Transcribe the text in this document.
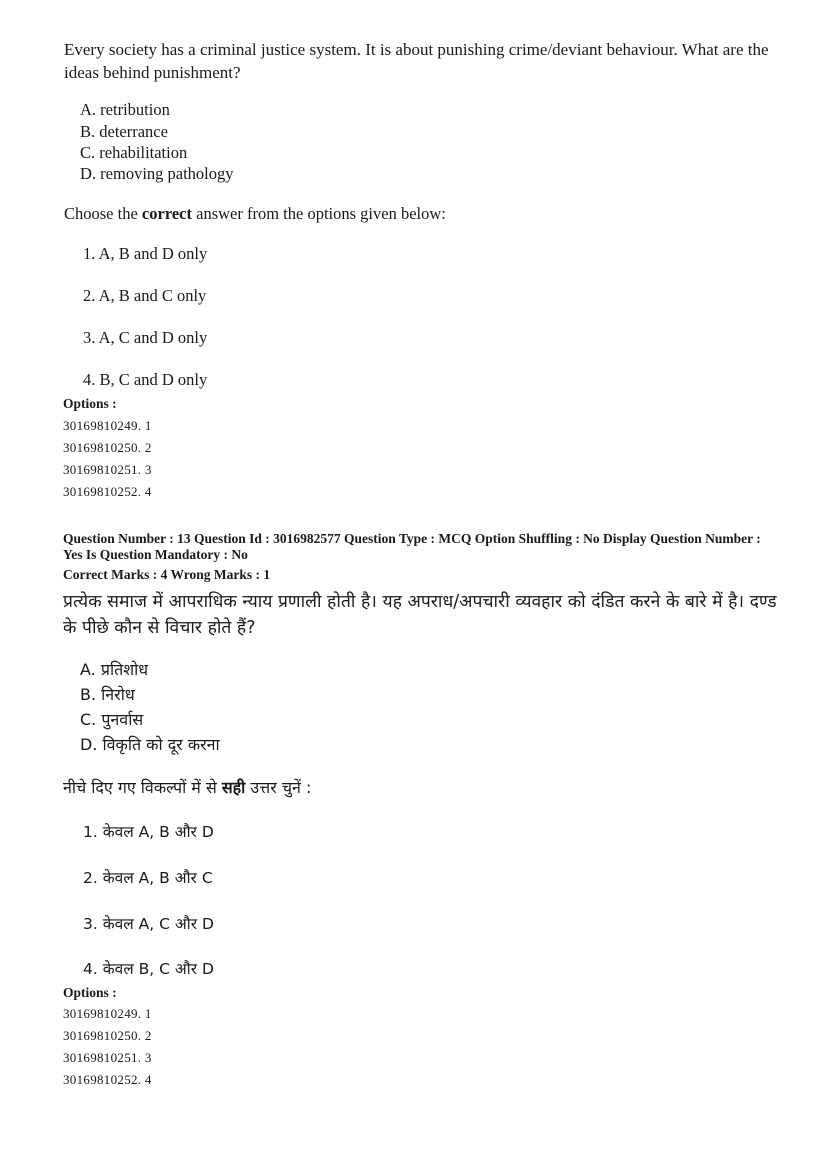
Every society has a criminal justice system. It is about punishing crime/deviant behaviour. What are the ideas behind punishment?
A. retribution
B. deterrance
C. rehabilitation
D. removing pathology
Choose the correct answer from the options given below:
1. A, B and D only
2. A, B and C only
3. A, C and D only
4. B, C and D only
Options :
30169810249. 1
30169810250. 2
30169810251. 3
30169810252. 4
Question Number : 13 Question Id : 3016982577 Question Type : MCQ Option Shuffling : No Display Question Number : Yes Is Question Mandatory : No
Correct Marks : 4 Wrong Marks : 1
प्रत्येक समाज में आपराधिक न्याय प्रणाली होती है। यह अपराध/अपचारी व्यवहार को दंडित करने के बारे में है। दण्ड के पीछे कौन से विचार होते हैं?
A. प्रतिशोध
B. निरोध
C. पुनर्वास
D. विकृति को दूर करना
नीचे दिए गए विकल्पों में से सही उत्तर चुनें :
1. केवल A, B और D
2. केवल A, B और C
3. केवल A, C और D
4. केवल B, C और D
Options :
30169810249. 1
30169810250. 2
30169810251. 3
30169810252. 4
